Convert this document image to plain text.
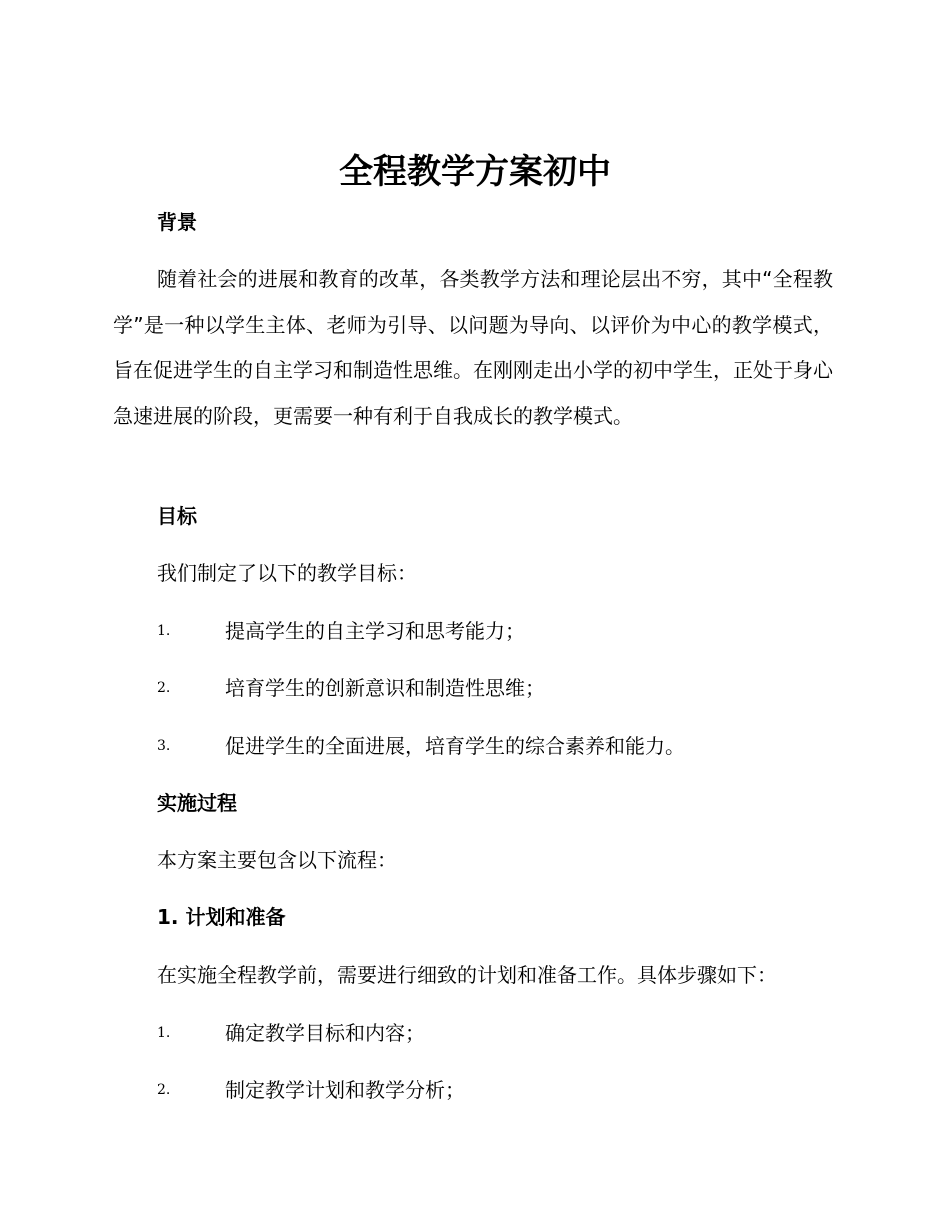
全程教学方案初中
背景

随着社会的进展和教育的改革，各类教学方法和理论层出不穷，其中“全程教学”是一种以学生主体、老师为引导、以问题为导向、以评价为中心的教学模式，旨在促进学生的自主学习和制造性思维。在刚刚走出小学的初中学生，正处于身心急速进展的阶段，更需要一种有利于自我成长的教学模式。

目标

我们制定了以下的教学目标：

1.	提高学生的自主学习和思考能力；
2.	培育学生的创新意识和制造性思维；
3.	促进学生的全面进展，培育学生的综合素养和能力。
实施过程

本方案主要包含以下流程：

1. 计划和准备

在实施全程教学前，需要进行细致的计划和准备工作。具体步骤如下：

1.	确定教学目标和内容；
2.	制定教学计划和教学分析；
